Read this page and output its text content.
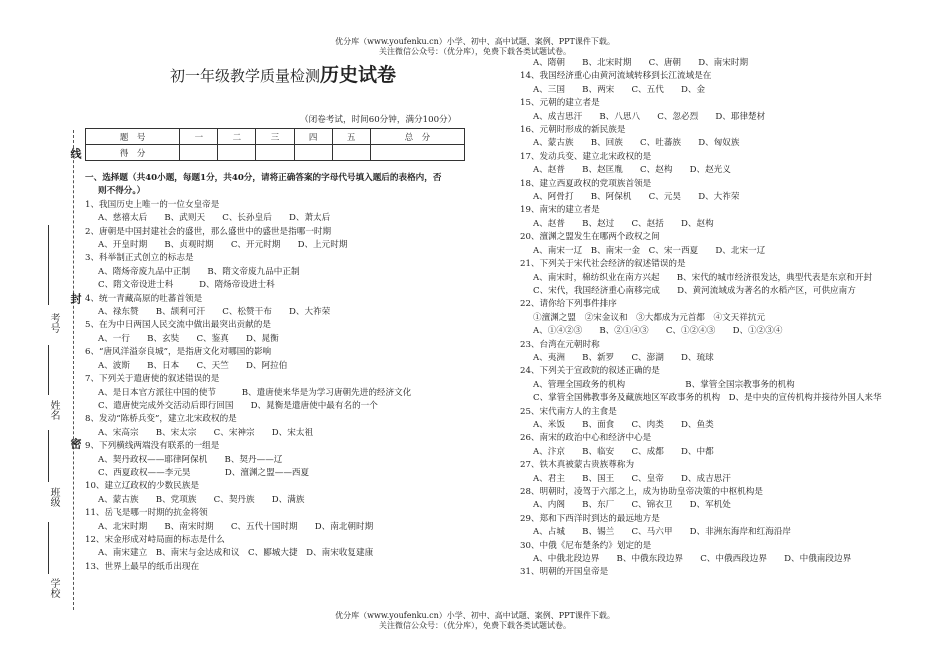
优分库（www.youfenku.cn）小学、初中、高中试题、案例、PPT课件下载。
关注微信公众号：（优分库），免费下载各类试题试卷。
初一年级教学质量检测历史试卷
（闭卷考试，时间60分钟，满分100分）
题　号	一	二	三	四	五	总　分
得　分						
线
封
密
考号
姓名
班级
学校
一、选择题（共40小题，每题1分，共40分，请将正确答案的字母代号填入题后的表格内，否
则不得分。）
1、我国历史上唯一的一位女皇帝是
A、慈禧太后　　B、武则天　　C、长孙皇后　　D、萧太后
2、唐朝是中国封建社会的盛世，那么盛世中的盛世是指哪一时期
A、开皇时期　　B、贞观时期　　C、开元时期　　D、上元时期
3、科举制正式创立的标志是
A、隋炀帝废九品中正制　　B、隋文帝废九品中正制
C、隋文帝设进士科　　　D、隋炀帝设进士科
4、统一青藏高原的吐蕃首领是
A、禄东赞　　B、颉利可汗　　C、松赞干布　　D、大祚荣
5、在为中日两国人民交流中做出最突出贡献的是
A、一行　　B、玄奘　　C、鉴真　　D、晁衡
6、“唐风洋溢奈良城”，是指唐文化对哪国的影响
A、波斯　　B、日本　　C、天竺　　D、阿拉伯
7、下列关于遣唐使的叙述错误的是
A、是日本官方派往中国的使节　　　B、遣唐使来华是为学习唐朝先进的经济文化
C、遣唐使完成外交活动后即行回国　　D、晁衡是遣唐使中最有名的一个
8、发动“陈桥兵变”，建立北宋政权的是
A、宋高宗　　B、宋太宗　　C、宋神宗　　D、宋太祖
9、下列横线两端没有联系的一组是
A、契丹政权——耶律阿保机　　B、契丹——辽
C、西夏政权——李元昊　　　　D、澶渊之盟——西夏
10、建立辽政权的少数民族是
A、蒙古族　　B、党项族　　C、契丹族　　D、满族
11、岳飞是哪一时期的抗金将领
A、北宋时期　　B、南宋时期　　C、五代十国时期　　D、南北朝时期
12、宋金形成对峙局面的标志是什么
A、南宋建立　B、南宋与金达成和议　C、郾城大捷　D、南宋收复建康
13、世界上最早的纸币出现在
A、隋朝　　B、北宋时期　　C、唐朝　　D、南宋时期
14、我国经济重心由黄河流域转移到长江流域是在
A、三国　　B、两宋　　C、五代　　D、金
15、元朝的建立者是
A、成吉思汗　　B、八思八　　C、忽必烈　　D、耶律楚材
16、元朝时形成的新民族是
A、蒙古族　　B、回族　　C、吐蕃族　　D、匈奴族
17、发动兵变、建立北宋政权的是
A、赵普　　B、赵匡胤　　C、赵构　　D、赵光义
18、建立西夏政权的党项族首领是
A、阿骨打　　B、阿保机　　C、元昊　　D、大祚荣
19、南宋的建立者是
A、赵普　　B、赵过　　C、赵括　　D、赵构
20、澶渊之盟发生在哪两个政权之间
A、南宋一辽　B、南宋一金　C、宋一西夏　　D、北宋一辽
21、下列关于宋代社会经济的叙述错误的是
A、南宋时，棉纺织业在南方兴起　　B、宋代的城市经济很发达，典型代表是东京和开封
C、宋代，我国经济重心南移完成　　D、黄河流域成为著名的水稻产区，可供应南方
22、请你给下列事件排序
①澶渊之盟　②宋金议和　③大都成为元首都　④文天祥抗元
A、①④②③　　B、②①④③　　C、①②④③　　D、①②③④
23、台湾在元朝时称
A、夷洲　　B、新罗　　C、澎湖　　D、琉球
24、下列关于宣政院的叙述正确的是
A、管理全国政务的机构　　　　　　　B、掌管全国宗教事务的机构
C、掌管全国佛教事务及藏族地区军政事务的机构　D、是中央的宣传机构并接待外国人来华
25、宋代南方人的主食是
A、米饭　　B、面食　　C、肉类　　D、鱼类
26、南宋的政治中心和经济中心是
A、汴京　　B、临安　　C、成都　　D、中都
27、铁木真被蒙古贵族尊称为
A、君主　　B、国王　　C、皇帝　　D、成吉思汗
28、明朝时，凌驾于六部之上，成为协助皇帝决策的中枢机构是
A、内阁　　B、东厂　　C、锦衣卫　　D、军机处
29、郑和下西洋时到达的最远地方是
A、占城　　B、锡兰　　C、马六甲　　D、非洲东海岸和红海沿岸
30、中俄《尼布楚条约》划定的是
A、中俄北段边界　　B、中俄东段边界　　C、中俄西段边界　　D、中俄南段边界
31、明朝的开国皇帝是
优分库（www.youfenku.cn）小学、初中、高中试题、案例、PPT课件下载。
关注微信公众号：（优分库），免费下载各类试题试卷。
